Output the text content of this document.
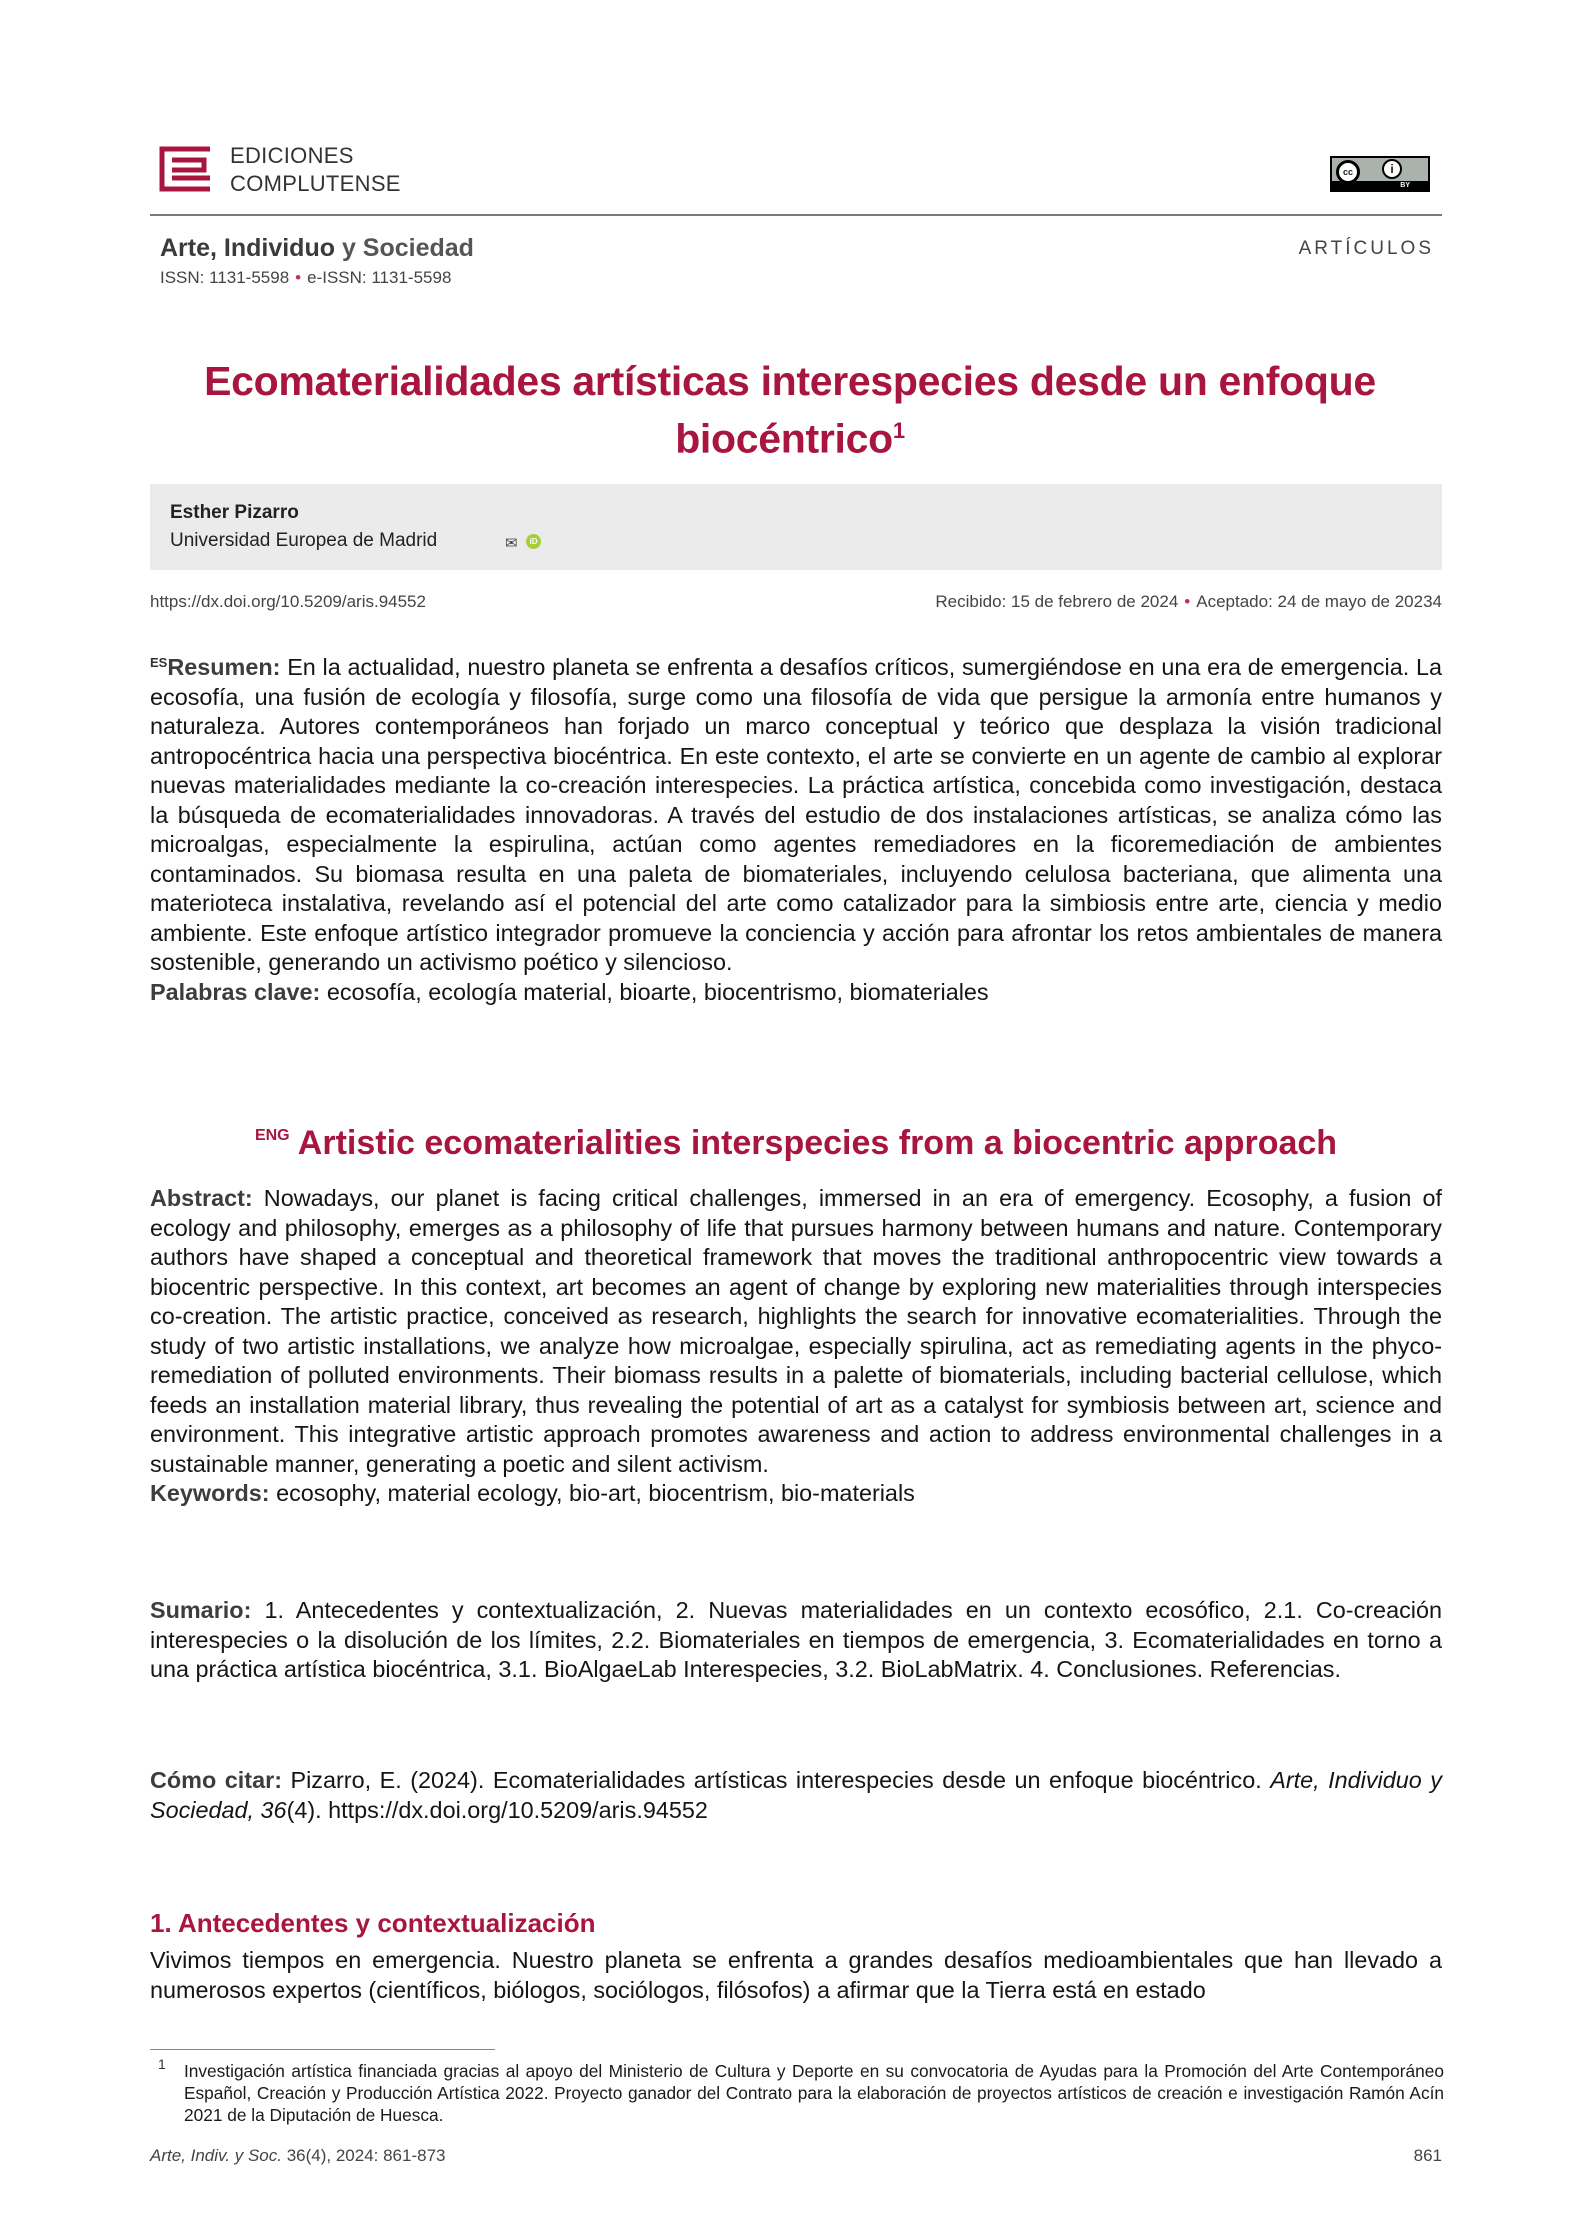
EDICIONES
COMPLUTENSE	cc	i
BY
Arte, Individuo y Sociedad
ISSN: 1131-5598 • e-ISSN: 1131-5598
ARTÍCULOS
Ecomaterialidades artísticas interespecies desde un enfoque biocéntrico$^1$
Esther Pizarro
Universidad Europea de Madrid	✉	iD
https://dx.doi.org/10.5209/aris.94552	Recibido: 15 de febrero de 2024 • Aceptado: 24 de mayo de 20234
$^{ES}$Resumen: En la actualidad, nuestro planeta se enfrenta a desafíos críticos, sumergiéndose en una era de emergencia. La ecosofía, una fusión de ecología y filosofía, surge como una filosofía de vida que persigue la armonía entre humanos y naturaleza. Autores contemporáneos han forjado un marco conceptual y teórico que desplaza la visión tradicional antropocéntrica hacia una perspectiva biocéntrica. En este contexto, el arte se convierte en un agente de cambio al explorar nuevas materialidades mediante la co-creación interespecies. La práctica artística, concebida como investigación, destaca la búsqueda de ecomaterialidades innovadoras. A través del estudio de dos instalaciones artísticas, se analiza cómo las microalgas, especialmente la espirulina, actúan como agentes remediadores en la ficoremediación de ambientes contaminados. Su biomasa resulta en una paleta de biomateriales, incluyendo celulosa bacteriana, que alimenta una materioteca instalativa, revelando así el potencial del arte como catalizador para la simbiosis entre arte, ciencia y medio ambiente. Este enfoque artístico integrador promueve la conciencia y acción para afrontar los retos ambientales de manera sostenible, generando un activismo poético y silencioso.
Palabras clave: ecosofía, ecología material, bioarte, biocentrismo, biomateriales
$^{ENG}$ Artistic ecomaterialities interspecies from a biocentric approach
Abstract: Nowadays, our planet is facing critical challenges, immersed in an era of emergency. Ecosophy, a fusion of ecology and philosophy, emerges as a philosophy of life that pursues harmony between humans and nature. Contemporary authors have shaped a conceptual and theoretical framework that moves the traditional anthropocentric view towards a biocentric perspective. In this context, art becomes an agent of change by exploring new materialities through interspecies co-creation. The artistic practice, conceived as research, highlights the search for innovative ecomaterialities. Through the study of two artistic installations, we analyze how microalgae, especially spirulina, act as remediating agents in the phyco-remediation of polluted environments. Their biomass results in a palette of biomaterials, including bacterial cellulose, which feeds an installation material library, thus revealing the potential of art as a catalyst for symbiosis between art, science and environment. This integrative artistic approach promotes awareness and action to address environmental challenges in a sustainable manner, generating a poetic and silent activism.
Keywords: ecosophy, material ecology, bio-art, biocentrism, bio-materials
Sumario: 1. Antecedentes y contextualización, 2. Nuevas materialidades en un contexto ecosófico, 2.1. Co-creación interespecies o la disolución de los límites, 2.2. Biomateriales en tiempos de emergencia, 3. Ecomaterialidades en torno a una práctica artística biocéntrica, 3.1. BioAlgaeLab Interespecies, 3.2. BioLabMatrix. 4. Conclusiones. Referencias.
Cómo citar: Pizarro, E. (2024). Ecomaterialidades artísticas interespecies desde un enfoque biocéntrico. Arte, Individuo y Sociedad, 36(4). https://dx.doi.org/10.5209/aris.94552
1. Antecedentes y contextualización
Vivimos tiempos en emergencia. Nuestro planeta se enfrenta a grandes desafíos medioambientales que han llevado a numerosos expertos (científicos, biólogos, sociólogos, filósofos) a afirmar que la Tierra está en estado
1 Investigación artística financiada gracias al apoyo del Ministerio de Cultura y Deporte en su convocatoria de Ayudas para la Promoción del Arte Contemporáneo Español, Creación y Producción Artística 2022. Proyecto ganador del Contrato para la elaboración de proyectos artísticos de creación e investigación Ramón Acín 2021 de la Diputación de Huesca.
Arte, Indiv. y Soc. 36(4), 2024: 861-873	861
